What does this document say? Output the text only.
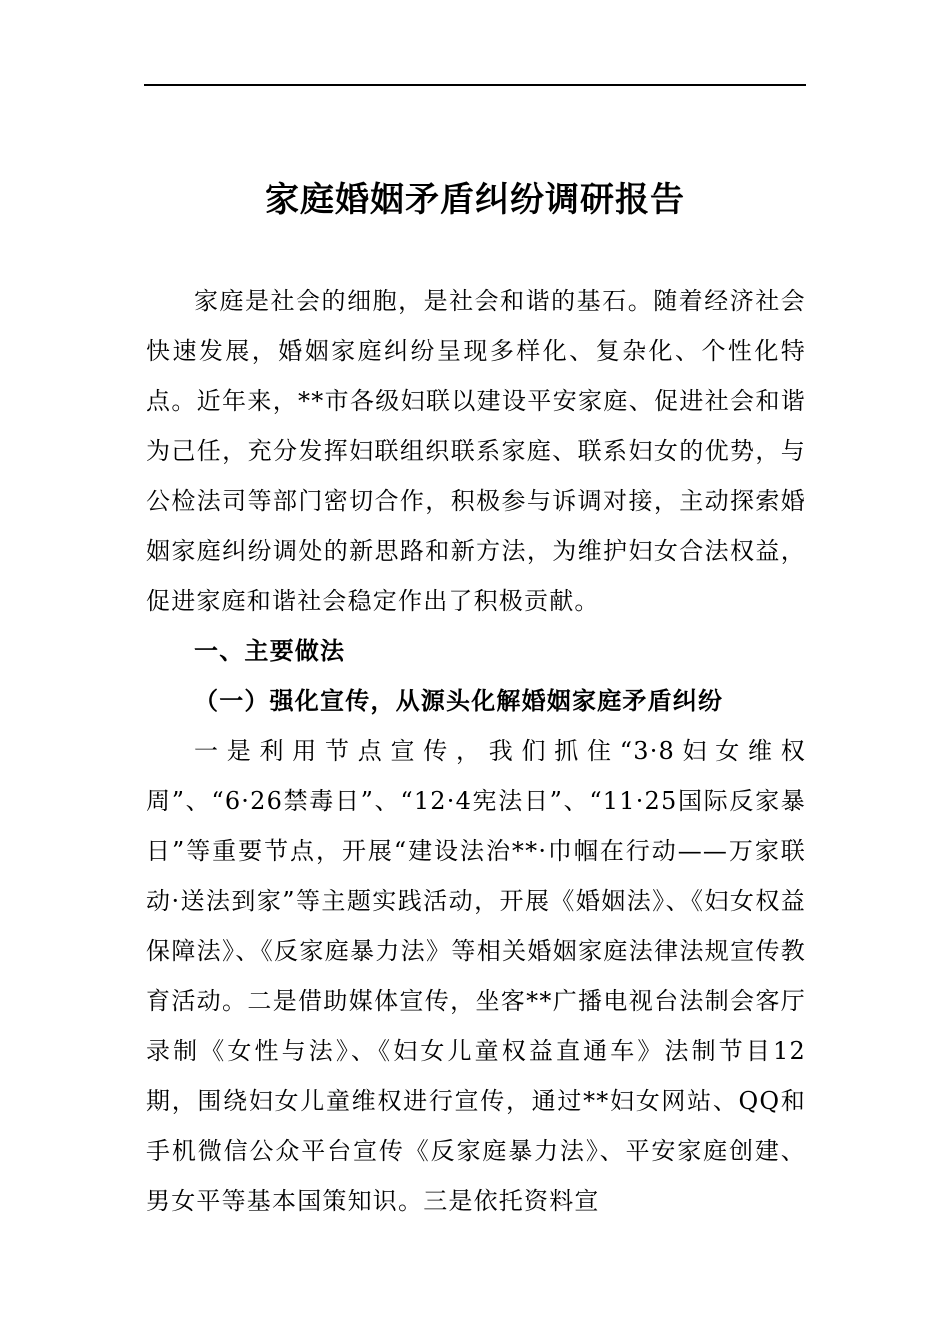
家庭婚姻矛盾纠纷调研报告

家庭是社会的细胞，是社会和谐的基石。随着经济社会快速发展，婚姻家庭纠纷呈现多样化、复杂化、个性化特点。近年来，**市各级妇联以建设平安家庭、促进社会和谐为己任，充分发挥妇联组织联系家庭、联系妇女的优势，与公检法司等部门密切合作，积极参与诉调对接，主动探索婚姻家庭纠纷调处的新思路和新方法，为维护妇女合法权益，促进家庭和谐社会稳定作出了积极贡献。

一、主要做法

（一）强化宣传，从源头化解婚姻家庭矛盾纠纷

一是利用节点宣传，我们抓住“3·8妇女维权周”、“6·26禁毒日”、“12·4宪法日”、“11·25国际反家暴日”等重要节点，开展“建设法治**·巾帼在行动——万家联动·送法到家”等主题实践活动，开展《婚姻法》、《妇女权益保障法》、《反家庭暴力法》等相关婚姻家庭法律法规宣传教育活动。二是借助媒体宣传，坐客**广播电视台法制会客厅录制《女性与法》、《妇女儿童权益直通车》法制节目12期，围绕妇女儿童维权进行宣传，通过**妇女网站、QQ和手机微信公众平台宣传《反家庭暴力法》、平安家庭创建、男女平等基本国策知识。三是依托资料宣
